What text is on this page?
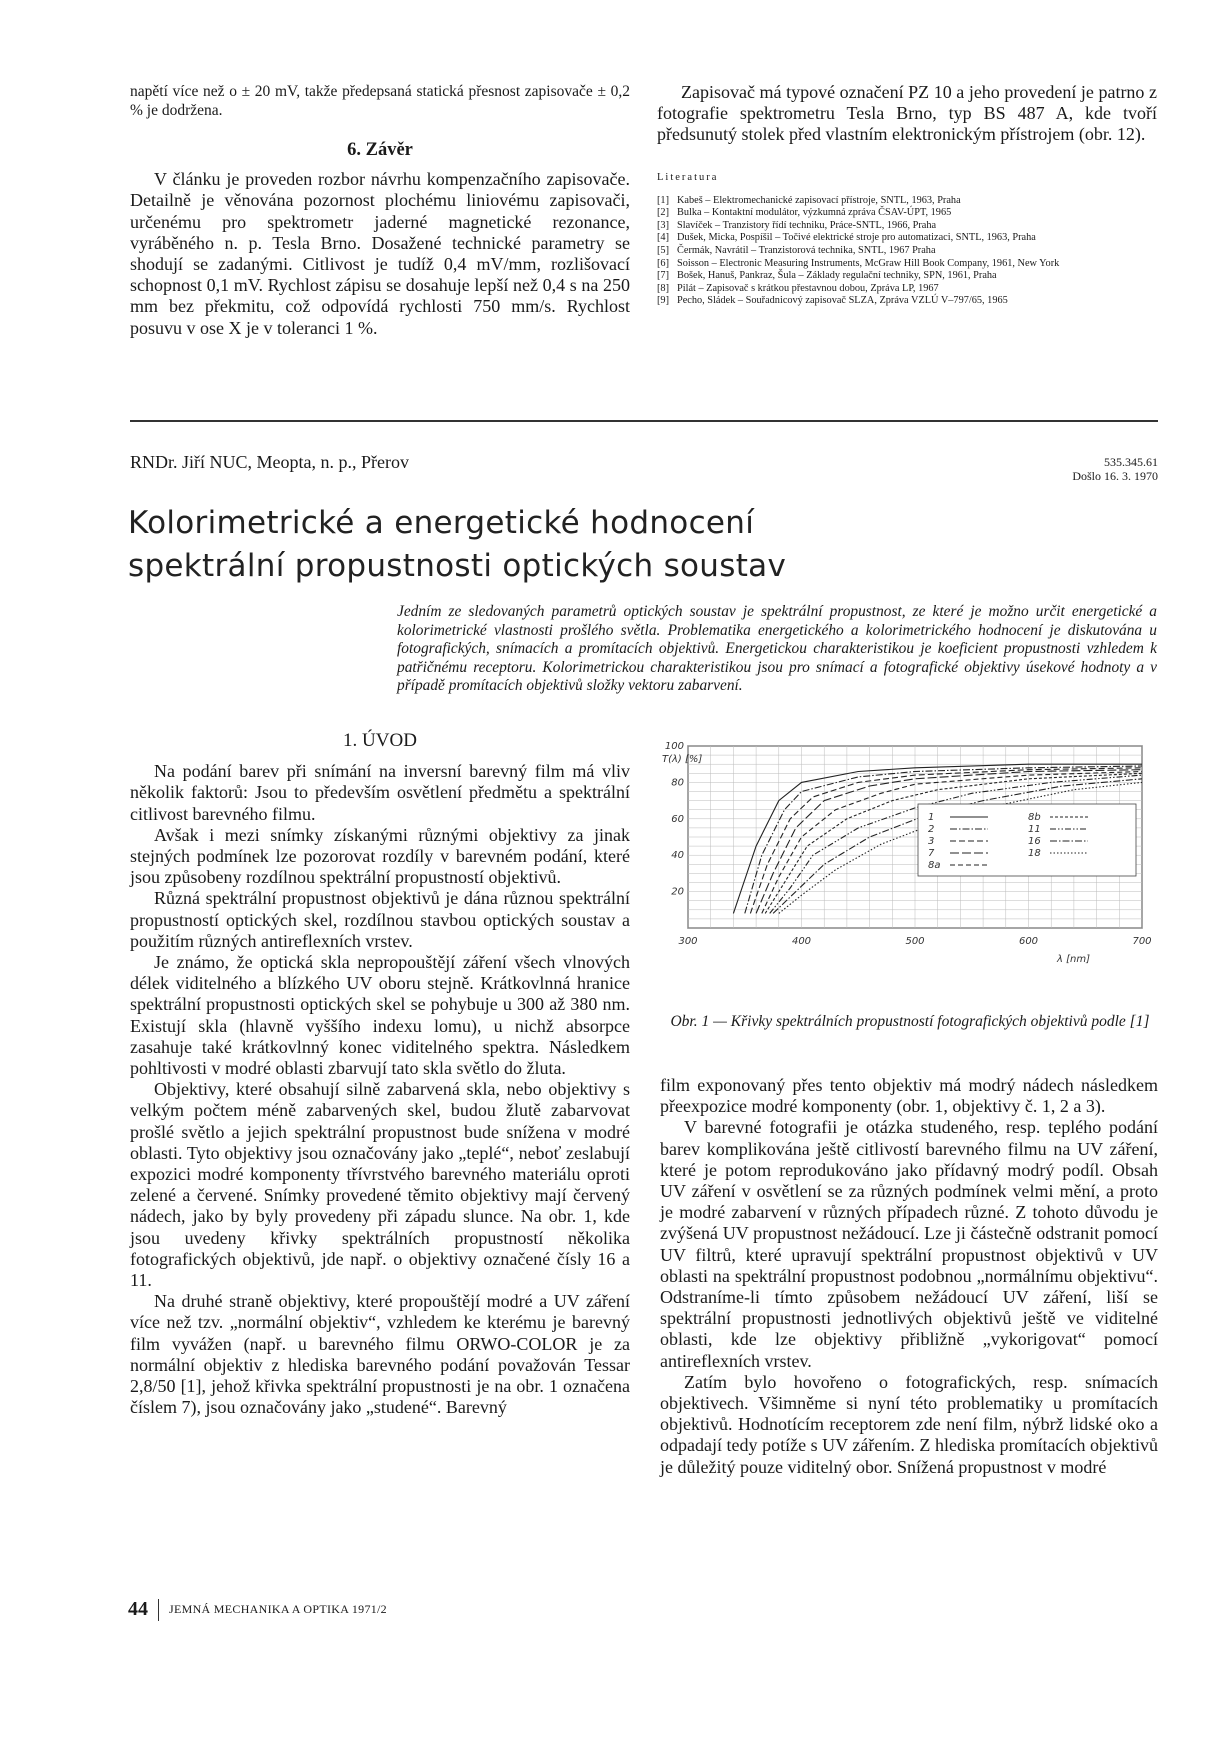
napětí více než o ± 20 mV, takže předepsaná statická přesnost zapisovače ± 0,2 % je dodržena.

6. Závěr

V článku je proveden rozbor návrhu kompenzačního zapisovače. Detailně je věnována pozornost plochému liniovému zapisovači, určenému pro spektrometr jaderné magnetické rezonance, vyráběného n. p. Tesla Brno. Dosažené technické parametry se shodují se zadanými. Citlivost je tudíž 0,4 mV/mm, rozlišovací schopnost 0,1 mV. Rychlost zápisu se dosahuje lepší než 0,4 s na 250 mm bez překmitu, což odpovídá rychlosti 750 mm/s. Rychlost posuvu v ose X je v toleranci 1 %.

Zapisovač má typové označení PZ 10 a jeho provedení je patrno z fotografie spektrometru Tesla Brno, typ BS 487 A, kde tvoří předsunutý stolek před vlastním elektronickým přístrojem (obr. 12).

Literatura
[1] Kabeš – Elektromechanické zapisovací přístroje, SNTL, 1963, Praha
[2] Bulka – Kontaktní modulátor, výzkumná zpráva ČSAV-ÚPT, 1965
[3] Slavíček – Tranzistory řídí techniku, Práce-SNTL, 1966, Praha
[4] Dušek, Micka, Pospíšil – Točivé elektrické stroje pro automatizaci, SNTL, 1963, Praha
[5] Čermák, Navrátil – Tranzistorová technika, SNTL, 1967 Praha
[6] Soisson – Electronic Measuring Instruments, McGraw Hill Book Company, 1961, New York
[7] Bošek, Hanuš, Pankraz, Šula – Základy regulační techniky, SPN, 1961, Praha
[8] Pilát – Zapisovač s krátkou přestavnou dobou, Zpráva LP, 1967
[9] Pecho, Sládek – Souřadnicový zapisovač SLZA, Zpráva VZLÚ V–797/65, 1965
RNDr. Jiří NUC, Meopta, n. p., Přerov	535.345.61
Došlo 16. 3. 1970
Kolorimetrické a energetické hodnocení
spektrální propustnosti optických soustav
Jedním ze sledovaných parametrů optických soustav je spektrální propustnost, ze které je možno určit energetické a kolorimetrické vlastnosti prošlého světla. Problematika energetického a kolorimetrického hodnocení je diskutována u fotografických, snímacích a promítacích objektivů. Energetickou charakteristikou je koeficient propustnosti vzhledem k patřičnému receptoru. Kolorimetrickou charakteristikou jsou pro snímací a fotografické objektivy úsekové hodnoty a v případě promítacích objektivů složky vektoru zabarvení.
1. ÚVOD

Na podání barev při snímání na inversní barevný film má vliv několik faktorů: Jsou to především osvětlení předmětu a spektrální citlivost barevného filmu.

Avšak i mezi snímky získanými různými objektivy za jinak stejných podmínek lze pozorovat rozdíly v barevném podání, které jsou způsobeny rozdílnou spektrální propustností objektivů.

Různá spektrální propustnost objektivů je dána různou spektrální propustností optických skel, rozdílnou stavbou optických soustav a použitím různých antireflexních vrstev.

Je známo, že optická skla nepropouštějí záření všech vlnových délek viditelného a blízkého UV oboru stejně. Krátkovlnná hranice spektrální propustnosti optických skel se pohybuje u 300 až 380 nm. Existují skla (hlavně vyššího indexu lomu), u nichž absorpce zasahuje také krátkovlnný konec viditelného spektra. Následkem pohltivosti v modré oblasti zbarvují tato skla světlo do žluta.

Objektivy, které obsahují silně zabarvená skla, nebo objektivy s velkým počtem méně zabarvených skel, budou žlutě zabarvovat prošlé světlo a jejich spektrální propustnost bude snížena v modré oblasti. Tyto objektivy jsou označovány jako „teplé“, neboť zeslabují expozici modré komponenty třívrstvého barevného materiálu oproti zelené a červené. Snímky provedené těmito objektivy mají červený nádech, jako by byly provedeny při západu slunce. Na obr. 1, kde jsou uvedeny křivky spektrálních propustností několika fotografických objektivů, jde např. o objektivy označené čísly 16 a 11.

Na druhé straně objektivy, které propouštějí modré a UV záření více než tzv. „normální objektiv“, vzhledem ke kterému je barevný film vyvážen (např. u barevného filmu ORWO-COLOR je za normální objektiv z hlediska barevného podání považován Tessar 2,8/50 [1], jehož křivka spektrální propustnosti je na obr. 1 označena číslem 7), jsou označovány jako „studené“. Barevný

300	400	500	600	700
20
40
60
80
100
1
2
3
7
8a
8b
11
16
18
T(λ) [%]
λ [nm]
Obr. 1 — Křivky spektrálních propustností fotografických objektivů podle [1]

film exponovaný přes tento objektiv má modrý nádech následkem přeexpozice modré komponenty (obr. 1, objektivy č. 1, 2 a 3).

V barevné fotografii je otázka studeného, resp. teplého podání barev komplikována ještě citlivostí barevného filmu na UV záření, které je potom reprodukováno jako přídavný modrý podíl. Obsah UV záření v osvětlení se za různých podmínek velmi mění, a proto je modré zabarvení v různých případech různé. Z tohoto důvodu je zvýšená UV propustnost nežádoucí. Lze ji částečně odstranit pomocí UV filtrů, které upravují spektrální propustnost objektivů v UV oblasti na spektrální propustnost podobnou „normálnímu objektivu“. Odstraníme-li tímto způsobem nežádoucí UV záření, liší se spektrální propustnosti jednotlivých objektivů ještě ve viditelné oblasti, kde lze objektivy přibližně „vykorigovat“ pomocí antireflexních vrstev.

Zatím bylo hovořeno o fotografických, resp. snímacích objektivech. Všimněme si nyní této problematiky u promítacích objektivů. Hodnotícím receptorem zde není film, nýbrž lidské oko a odpadají tedy potíže s UV zářením. Z hlediska promítacích objektivů je důležitý pouze viditelný obor. Snížená propustnost v modré

44 JEMNÁ MECHANIKA A OPTIKA 1971/2
